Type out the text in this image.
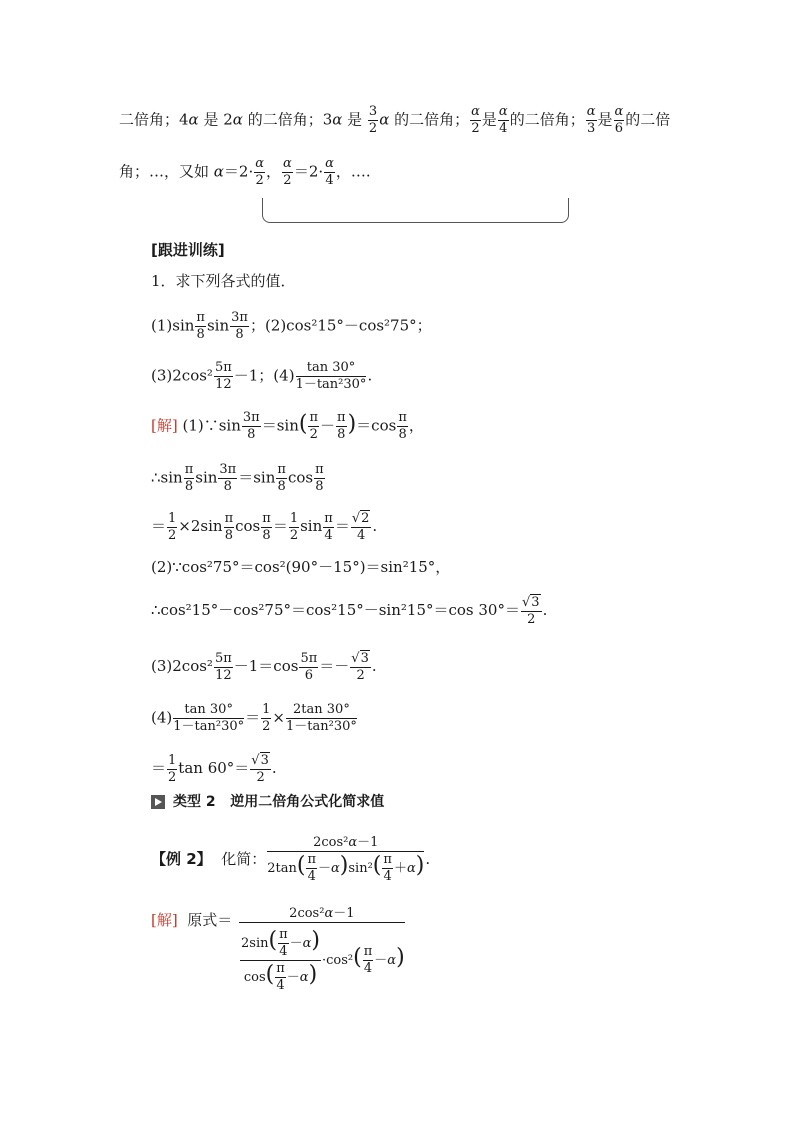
二倍角；4α 是 2α 的二倍角；3α 是 $\frac{3}{2}$ α 的二倍角； $\frac{\alpha}{2}$ 是 $\frac{\alpha}{4}$ 的二倍角； $\frac{\alpha}{3}$ 是 $\frac{\alpha}{6}$ 的二倍
角；…，又如 $\alpha=2\cdot \frac{\alpha}{2}$ ， $\frac{\alpha}{2} =2\cdot \frac{\alpha}{4}$ ，….
[跟进训练]
1．求下列各式的值．
$(1)\sin \frac{\pi}{8}$ $\sin \frac{3\pi}{8}$ ；(2)cos²15°－cos²75°；
$(3)2\cos^2 \frac{5\pi}{12} -1$；$(4) \frac{\tan 30^\circ}{\text{1－tan²30°}}$ .
[解] (1)∵sin $\frac{3\pi}{8} =\sin( \frac{\pi}{2} - \frac{\pi}{8} )=\cos \frac{\pi}{8}$ ，
∴sin $\frac{\pi}{8}$ $\sin \frac{3\pi}{8} =\sin \frac{\pi}{8}$ $\cos \frac{\pi}{8}$
＝ $\frac{1}{2} \times 2\sin \frac{\pi}{8}$ $\cos \frac{\pi}{8} = \frac{1}{2}$ $\sin \frac{\pi}{4} = \frac{√2}{4}$ .
(2)∵cos²75°＝cos²(90°－15°)＝sin²15°，
∴cos²15°－cos²75°＝cos²15°－sin²15°＝cos $30^\circ= \frac{√3}{2}$ .
$(3)2\cos^2 \frac{5\pi}{12} -1=\cos \frac{5\pi}{6} =- \frac{√3}{2}$ .
$(4) \frac{\tan 30^\circ}{\text{1－tan²30°}} = \frac{1}{2} \times \frac{2\tan 30^\circ}{\text{1－tan²30°}}$
＝ $\frac{1}{2}$ $\tan 60^\circ= \frac{√3}{2}$ .
类型 2 逆用二倍角公式化简求值
【例 2】  化简： $\frac{\text{2cos²α－1}}{2\tan( \frac{\pi}{4} -\alpha)\sin^2( \frac{\pi}{4} +\alpha)}$ .
[解]  原式＝ $\frac{\text{2cos²α－1}}{\frac{2\sin( \frac{\pi}{4} -\alpha)}{\cos( \frac{\pi}{4} -\alpha)} \cdot\cos^2( \frac{\pi}{4} -\alpha)}$
